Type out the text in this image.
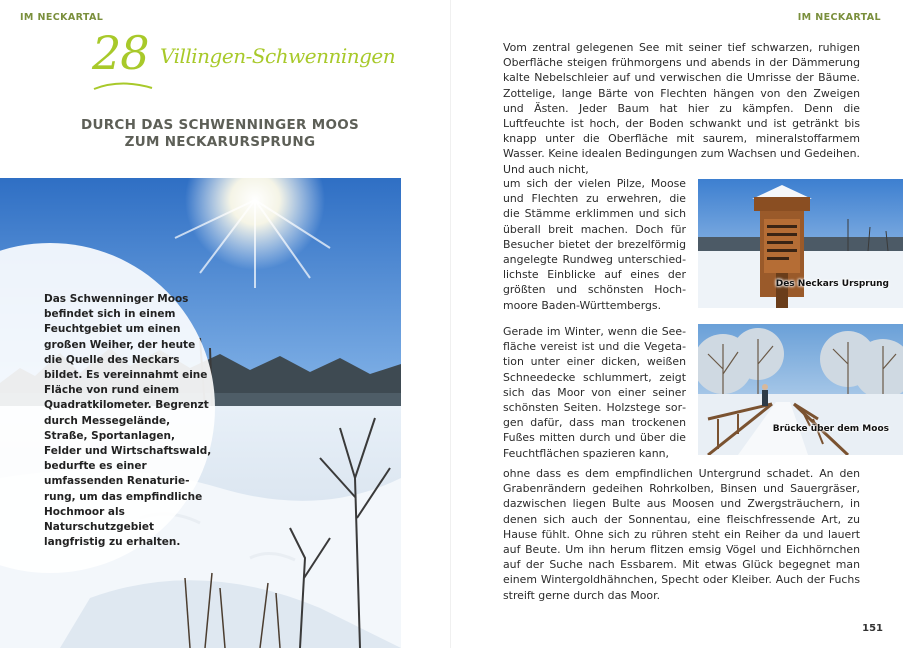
IM NECKARTAL
28 Villingen-Schwenningen
DURCH DAS SCHWENNINGER MOOS
ZUM NECKARURSPRUNG
Das Schwenninger Moos befindet sich in einem Feuchtgebiet um einen großen Weiher, der heute die Quelle des Neckars bildet. Es vereinnahmt eine Fläche von rund einem Quadratkilometer. Begrenzt durch Messegelände, Straße, Sportanlagen, Felder und Wirtschaftswald, bedurfte es einer umfassenden Renaturierung, um das empfindliche Hochmoor als Naturschutzgebiet langfristig zu erhalten.
IM NECKARTAL
Vom zentral gelegenen See mit seiner tief schwarzen, ruhigen Oberfläche steigen frühmorgens und abends in der Dämmerung kalte Nebelschleier auf und verwischen die Umrisse der Bäume. Zottelige, lange Bärte von Flechten hängen von den Zweigen und Ästen. Jeder Baum hat hier zu kämpfen. Denn die Luftfeuchte ist hoch, der Boden schwankt und ist getränkt bis knapp unter die Oberfläche mit saurem, mineralstoffarmem Wasser. Keine idealen Bedingungen zum Wachsen und Gedeihen. Und auch nicht,
um sich der vielen Pilze, Moose und Flechten zu erwehren, die die Stämme erklimmen und sich überall breit machen. Doch für Besucher bietet der brezelförmig angelegte Rundweg unterschiedlichste Einblicke auf eines der größten und schönsten Hochmoore Baden-Württembergs.
Des Neckars Ursprung
Gerade im Winter, wenn die Seefläche vereist ist und die Vegetation unter einer dicken, weißen Schneedecke schlummert, zeigt sich das Moor von einer seiner schönsten Seiten. Holzstege sorgen dafür, dass man trockenen Fußes mitten durch und über die Feuchtflächen spazieren kann,
Brücke über dem Moos
ohne dass es dem empfindlichen Untergrund schadet. An den Grabenrändern gedeihen Rohrkolben, Binsen und Sauergräser, dazwischen liegen Bulte aus Moosen und Zwergsträuchern, in denen sich auch der Sonnentau, eine fleischfressende Art, zu Hause fühlt. Ohne sich zu rühren steht ein Reiher da und lauert auf Beute. Um ihn herum flitzen emsig Vögel und Eichhörnchen auf der Suche nach Essbarem. Mit etwas Glück begegnet man einem Wintergoldhähnchen, Specht oder Kleiber. Auch der Fuchs streift gerne durch das Moor.
151
